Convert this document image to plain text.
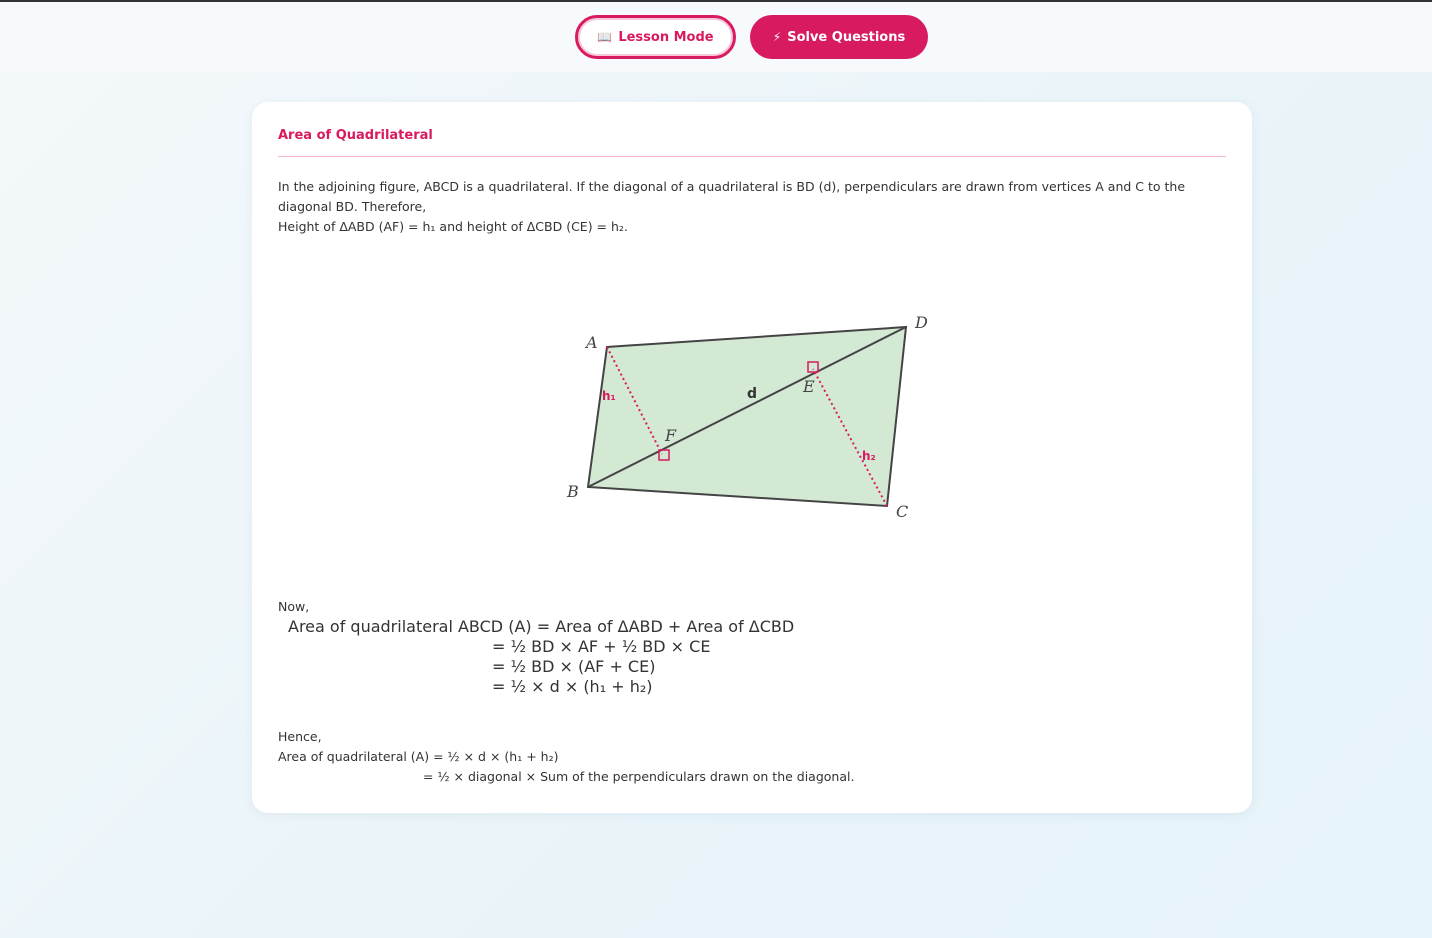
📖 Lesson Mode	⚡ Solve Questions
Area of Quadrilateral

In the adjoining figure, ABCD is a quadrilateral. If the diagonal of a quadrilateral is BD (d), perpendiculars are drawn from vertices A and C to the diagonal BD. Therefore,

Height of ΔABD (AF) = h₁ and height of ΔCBD (CE) = h₂.

A
B
C
D
E
F
d
h₁
h₂
Now,
Area of quadrilateral ABCD (A) = Area of ΔABD + Area of ΔCBD
= ½ BD × AF + ½ BD × CE
= ½ BD × (AF + CE)
= ½ × d × (h₁ + h₂)
Hence,
Area of quadrilateral (A) = ½ × d × (h₁ + h₂)
= ½ × diagonal × Sum of the perpendiculars drawn on the diagonal.
